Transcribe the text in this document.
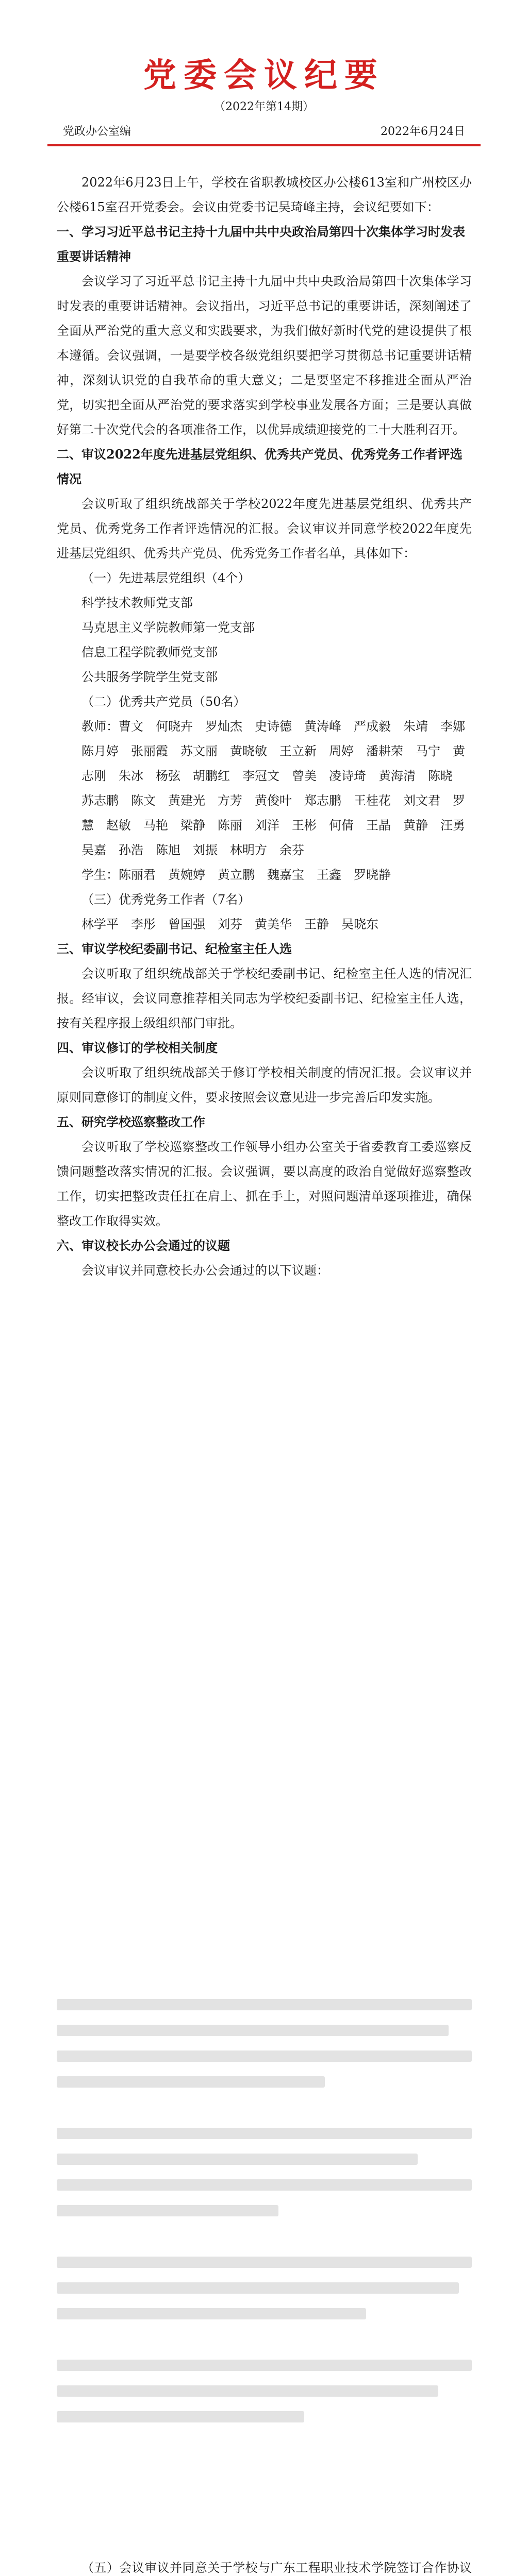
党委会议纪要
（2022年第14期）
党政办公室编	2022年6月24日

2022年6月23日上午，学校在省职教城校区办公楼613室和广州校区办公楼615室召开党委会。会议由党委书记吴琦峰主持，会议纪要如下：

一、学习习近平总书记主持十九届中共中央政治局第四十次集体学习时发表重要讲话精神

会议学习了习近平总书记主持十九届中共中央政治局第四十次集体学习时发表的重要讲话精神。会议指出，习近平总书记的重要讲话，深刻阐述了全面从严治党的重大意义和实践要求，为我们做好新时代党的建设提供了根本遵循。会议强调，一是要学校各级党组织要把学习贯彻总书记重要讲话精神，深刻认识党的自我革命的重大意义；二是要坚定不移推进全面从严治党，切实把全面从严治党的要求落实到学校事业发展各方面；三是要认真做好第二十次党代会的各项准备工作，以优异成绩迎接党的二十大胜利召开。

二、审议2022年度先进基层党组织、优秀共产党员、优秀党务工作者评选情况

会议听取了组织统战部关于学校2022年度先进基层党组织、优秀共产党员、优秀党务工作者评选情况的汇报。会议审议并同意学校2022年度先进基层党组织、优秀共产党员、优秀党务工作者名单，具体如下：

（一）先进基层党组织（4个）

科学技术教师党支部

马克思主义学院教师第一党支部

信息工程学院教师党支部

公共服务学院学生党支部

（二）优秀共产党员（50名）

教师：曹文　何晓卉　罗灿杰　史诗德　黄涛峰　严成毅　朱靖　李娜　陈月婷　张丽霞　苏文丽　黄晓敏　王立新　周婷　潘耕荣　马宁　黄志刚　朱冰　杨弦　胡鹏红　李冠文　曾美　凌诗琦　黄海清　陈晓　苏志鹏　陈文　黄建光　方芳　黄俊叶　郑志鹏　王桂花　刘文君　罗慧　赵敏　马艳　梁静　陈丽　刘洋　王彬　何倩　王晶　黄静　汪勇　吴嘉　孙浩　陈旭　刘振　林明方　余芬

学生：陈丽君　黄婉婷　黄立鹏　魏嘉宝　王鑫　罗晓静

（三）优秀党务工作者（7名）

林学平　李彤　曾国强　刘芬　黄美华　王静　吴晓东

三、审议学校纪委副书记、纪检室主任人选

会议听取了组织统战部关于学校纪委副书记、纪检室主任人选的情况汇报。经审议，会议同意推荐相关同志为学校纪委副书记、纪检室主任人选，按有关程序报上级组织部门审批。

四、审议修订的学校相关制度

会议听取了组织统战部关于修订学校相关制度的情况汇报。会议审议并原则同意修订的制度文件，要求按照会议意见进一步完善后印发实施。

五、研究学校巡察整改工作

会议听取了学校巡察整改工作领导小组办公室关于省委教育工委巡察反馈问题整改落实情况的汇报。会议强调，要以高度的政治自觉做好巡察整改工作，切实把整改责任扛在肩上、抓在手上，对照问题清单逐项推进，确保整改工作取得实效。

六、审议校长办公会通过的议题

会议审议并同意校长办公会通过的以下议题：

（五）会议审议并同意关于学校与广东工程职业技术学院签订合作协议
